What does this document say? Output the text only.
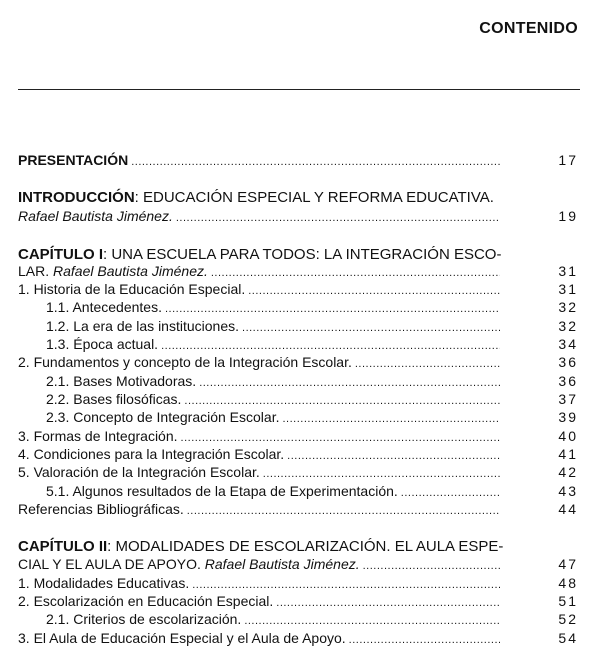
CONTENIDO
PRESENTACIÓN .....	17
INTRODUCCIÓN: EDUCACIÓN ESPECIAL Y REFORMA EDUCATIVA.
Rafael Bautista Jiménez. .....	19
CAPÍTULO I: UNA ESCUELA PARA TODOS: LA INTEGRACIÓN ESCO-
LAR. Rafael Bautista Jiménez. .....	31
1. Historia de la Educación Especial. .....	31
1.1. Antecedentes. .....	32
1.2. La era de las instituciones. .....	32
1.3. Época actual. .....	34
2. Fundamentos y concepto de la Integración Escolar. .....	36
2.1. Bases Motivadoras. .....	36
2.2. Bases filosóficas. .....	37
2.3. Concepto de Integración Escolar. .....	39
3. Formas de Integración. .....	40
4. Condiciones para la Integración Escolar. .....	41
5. Valoración de la Integración Escolar. .....	42
5.1. Algunos resultados de la Etapa de Experimentación. .....	43
Referencias Bibliográficas. .....	44
CAPÍTULO II: MODALIDADES DE ESCOLARIZACIÓN. EL AULA ESPE-
CIAL Y EL AULA DE APOYO. Rafael Bautista Jiménez. .....	47
1. Modalidades Educativas. .....	48
2. Escolarización en Educación Especial. .....	51
2.1. Criterios de escolarización. .....	52
3. El Aula de Educación Especial y el Aula de Apoyo. .....	54
